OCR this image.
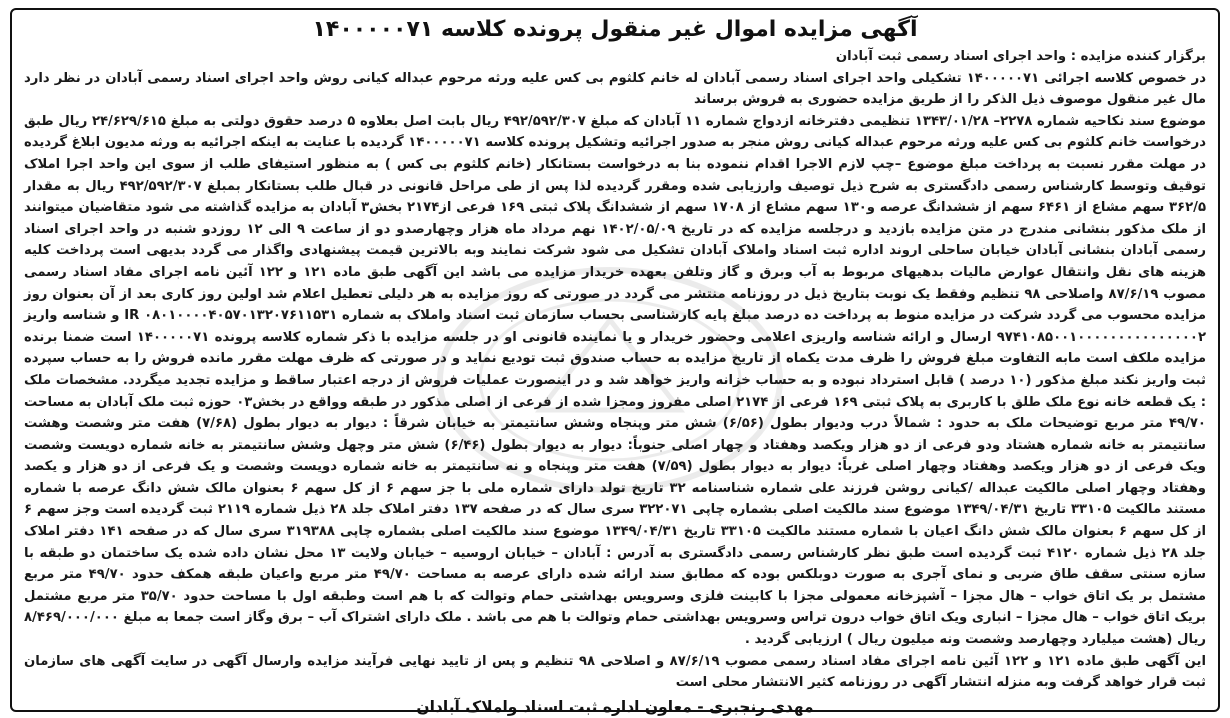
آگهی مزایده اموال غیر منقول پرونده کلاسه ۱۴۰۰۰۰۰۷۱

برگزار کننده مزایده : واحد اجرای اسناد رسمی ثبت آبادان

در خصوص کلاسه اجرائی ۱۴۰۰۰۰۰۷۱ تشکیلی واحد اجرای اسناد رسمی آبادان له خانم کلثوم بی کس علیه ورثه مرحوم عبداله کیانی روش واحد اجرای اسناد رسمی آبادان در نظر دارد مال غیر منقول موصوف ذیل الذکر را از طریق مزایده حضوری به فروش برساند

موضوع سند نکاحیه شماره ۲۲۷۸– ۱۳۴۳/۰۱/۲۸ تنظیمی دفترخانه ازدواج شماره ۱۱ آبادان که مبلغ ۴۹۲/۵۹۲/۳۰۷ ریال بابت اصل بعلاوه ۵ درصد حقوق دولتی به مبلغ ۲۴/۶۲۹/۶۱۵ ریال طبق درخواست خانم کلثوم بی کس علیه ورثه مرحوم عبداله کیانی روش منجر به صدور اجرائیه وتشکیل پرونده کلاسه ۱۴۰۰۰۰۰۷۱ گردیده با عنایت به اینکه اجرائیه به ورثه مدیون ابلاغ گردیده در مهلت مقرر نسبت به پرداخت مبلغ موضوع –چپ لازم الاجرا اقدام ننموده بنا به درخواست بستانکار (خانم کلثوم بی کس ) به منظور استیفای طلب از سوی این واحد اجرا املاک توقیف وتوسط کارشناس رسمی دادگستری به شرح ذیل توصیف وارزیابی شده ومقرر گردیده لذا پس از طی مراحل قانونی در قبال طلب بستانکار بمبلغ ۴۹۲/۵۹۲/۳۰۷ ریال به مقدار ۳۶۲/۵ سهم مشاع از ۶۴۶۱ سهم از ششدانگ عرصه و۱۳۰ سهم مشاع از ۱۷۰۸ سهم از ششدانگ پلاک ثبتی ۱۶۹ فرعی از۲۱۷۴ بخش۳ آبادان به مزایده گذاشته می شود متقاضیان میتوانند از ملک مذکور بنشانی مندرج در متن مزایده بازدید و درجلسه مزایده که در تاریخ ۱۴۰۲/۰۵/۰۹ نهم مرداد ماه هزار وچهارصدو دو از ساعت ۹ الی ۱۲ روزدو شنبه در واحد اجرای اسناد رسمی آبادان بنشانی آبادان خیابان ساحلی اروند اداره ثبت اسناد واملاک آبادان تشکیل می شود شرکت نمایند وبه بالاترین قیمت پیشنهادی واگذار می گردد بدیهی است پرداخت کلیه هزینه های نقل وانتقال عوارض مالیات بدهیهای مربوط به آب وبرق و گاز وتلفن بعهده خریدار مزایده می باشد این آگهی طبق ماده ۱۲۱ و ۱۲۲ آئین نامه اجرای مفاد اسناد رسمی مصوب ۸۷/۶/۱۹ واصلاحی ۹۸ تنظیم وفقط یک نوبت بتاریخ ذیل در روزنامه منتشر می گردد در صورتی که روز مزایده به هر دلیلی تعطیل اعلام شد اولین روز کاری بعد از آن بعنوان روز مزایده محسوب می گردد شرکت در مزایده منوط به پرداخت ده درصد مبلغ پایه کارشناسی بحساب سازمان ثبت اسناد واملاک به شماره IR ۰۸۰۱۰۰۰۰۴۰۵۷۰۱۳۲۰۷۶۱۱۵۳۱ و شناسه واریز ۹۷۴۱۰۸۵۰۰۱۰۰۰۰۰۰۰۰۰۰۰۰۰۰۰۲ ارسال و ارائه شناسه واریزی اعلامی وحضور خریدار و یا نماینده قانونی او در جلسه مزایده با ذکر شماره کلاسه پرونده ۱۴۰۰۰۰۰۷۱ است ضمنا برنده مزایده ملکف است مابه التفاوت مبلغ فروش را ظرف مدت یکماه از تاریخ مزایده به حساب صندوق ثبت تودیع نماید و در صورتی که ظرف مهلت مقرر مانده فروش را به حساب سپرده ثبت واریز نکند مبلغ مذکور (۱۰ درصد ) قابل استرداد نبوده و به حساب خزانه واریز خواهد شد و در اینصورت عملیات فروش از درجه اعتبار ساقط و مزایده تجدید میگردد. مشخصات ملک : یک قطعه خانه نوع ملک طلق با کاربری به پلاک ثبتی ۱۶۹ فرعی از ۲۱۷۴ اصلی مفروز ومجزا شده از فرعی از اصلی مذکور در طبقه وواقع در بخش۰۳ حوزه ثبت ملک آبادان به مساحت ۴۹/۷۰ متر مربع توضیحات ملک به حدود : شمالاً درب ودیوار بطول (۶/۵۶) شش متر وپنجاه وشش سانتیمتر به خیابان شرقاً : دیوار به دیوار بطول (۷/۶۸) هفت متر وشصت وهشت سانتیمتر به خانه شماره هشتاد ودو فرعی از دو هزار ویکصد وهفتاد و چهار اصلی جنوباً: دیوار به دیوار بطول (۶/۴۶) شش متر وچهل وشش سانتیمتر به خانه شماره دویست وشصت ویک فرعی از دو هزار ویکصد وهفتاد وچهار اصلی غرباً: دیوار به دیوار بطول (۷/۵۹) هفت متر وپنجاه و نه سانتیمتر به خانه شماره دویست وشصت و یک فرعی از دو هزار و یکصد وهفتاد وچهار اصلی مالکیت عبداله /کیانی روشن فرزند علی شماره شناسنامه ۳۲ تاریخ تولد دارای شماره ملی با جز سهم ۶ از کل سهم ۶ بعنوان مالک شش دانگ عرصه با شماره مستند مالکیت ۳۳۱۰۵ تاریخ ۱۳۴۹/۰۴/۳۱ موضوع سند مالکیت اصلی بشماره چاپی ۳۲۲۰۷۱ سری سال که در صفحه ۱۳۷ دفتر املاک جلد ۲۸ ذیل شماره ۲۱۱۹ ثبت گردیده است وجز سهم ۶ از کل سهم ۶ بعنوان مالک شش دانگ اعیان با شماره مستند مالکیت ۳۳۱۰۵ تاریخ ۱۳۴۹/۰۴/۳۱ موضوع سند مالکیت اصلی بشماره چاپی ۳۱۹۳۸۸ سری سال که در صفحه ۱۴۱ دفتر املاک جلد ۲۸ ذیل شماره ۴۱۲۰ ثبت گردیده است طبق نظر کارشناس رسمی دادگستری به آدرس : آبادان – خیابان اروسیه – خیابان ولایت ۱۳ محل نشان داده شده یک ساختمان دو طبقه با سازه سنتی سقف طاق ضربی و نمای آجری به صورت دوبلکس بوده که مطابق سند ارائه شده دارای عرصه به مساحت ۴۹/۷۰ متر مربع واعیان طبقه همکف حدود ۴۹/۷۰ متر مربع مشتمل بر یک اتاق خواب – هال مجزا – آشپزخانه معمولی مجزا با کابینت فلزی وسرویس بهداشتی حمام وتوالت که با هم است وطبقه اول با مساحت حدود ۳۵/۷۰ متر مربع مشتمل بریک اتاق خواب – هال مجزا – انباری ویک اتاق خواب درون تراس وسرویس بهداشتی حمام وتوالت با هم می باشد . ملک دارای اشتراک آب – برق وگاز است جمعا به مبلغ ۸/۴۶۹/۰۰۰/۰۰۰ ریال (هشت میلیارد وچهارصد وشصت ونه میلیون ریال ) ارزیابی گردید .

این آگهی طبق ماده ۱۲۱ و ۱۲۲ آئین نامه اجرای مفاد اسناد رسمی مصوب ۸۷/۶/۱۹ و اصلاحی ۹۸ تنظیم و پس از تایید نهایی فرآیند مزایده وارسال آگهی در سایت آگهی های سازمان ثبت قرار خواهد گرفت وبه منزله انتشار آگهی در روزنامه کثیر الانتشار محلی است

مهدی رنجبری - معاون اداره ثبت اسناد واملاک آبادان
